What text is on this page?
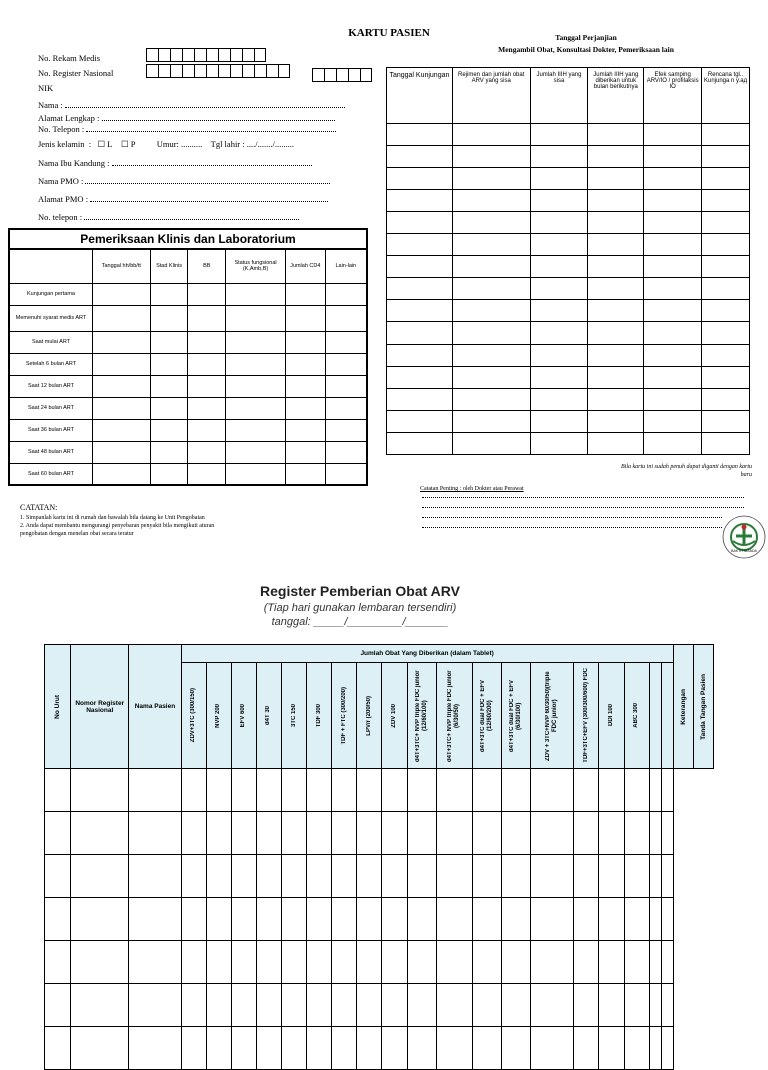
KARTU PASIEN	Tanggal Perjanjian
Mengambil Obat, Konsultasi Dokter, Pemeriksaan lain
No. Rekam Medis
No. Register Nasional
NIK
Nama :
Alamat Lengkap :
No. Telepon :
Jenis kelamin  :   ☐ L ☐ P	Umur: .......... Tgl lahir : ..../......./.........
Nama Ibu Kandung :
Nama PMO :
Alamat PMO :
No. telepon :
Tanggal Kunjungan	Rejimen dan jumlah obat ARV yang sisa	Jumlah IIIH yang sisa	Jumlah IIIH yang diberikan untuk bulan berikutnya	Efek samping ARV/IO / profilaksis IO	Rencana tgl.. Kunjunga n y.aд

Pemeriksaan Klinis dan Laboratorium						
	Tanggal hh/bb/tt	Stad Klinis	BB	Status fungsional (K,Amb,B)	Jumlah CD4	Lain-lain
Kunjungan pertama						
Memenuhi syarat medis ART						
Saat mulai ART						
Setelah 6 bulan ART						
Saat 12 bulan ART						
Saat 24 bulan ART						
Saat 36 bulan ART						
Saat 48 bulan ART						
Saat 60 bulan ART						
Bila kartu ini sudah penuh dapat diganti dengan kartu baru
Catatan Penting : oleh Dokter atau Perawat
BAKTI HUSADA
CATATAN:
1. Simpanlah kartu ini di rumah dan bawalah bila datang ke Unit Pengobatan
2. Anda dapat membantu mengurangi penyebaran penyakit bila mengikuti aturan
pengobatan dengan menelan obat secara teratur
Register Pemberian Obat ARV
(Tiap hari gunakan lembaran tersendiri)
tanggal: _____/_________/_______
No Urut	Nomor Register Nasional	Nama Pasien	Jumlah Obat Yang Diberikan (dalam Tablet)																			Keterangan	Tanda Tangan Pasien

			ZDV+3TC (300/150)	NVP 200	EFV 600	d4T 30	3TC 150	TDF 300	TDF + FTC (300/200)	LPV/r (200/50)	ZDV 100	d4T+3TC+ NVP triple FDC junior (12/60/100)	d4T+3TC+ NVP triple FDC junior (6/30/50)	d4T+3TC dual FDC + EFV (12/60/200)	d4T+3TC dual FDC + EFV (6/30/100)	ZDV + 3TC+NVP 60/30/50)(triple FDC junior)	TDF+3TC+EFV (300/300/600) FDC	DDI 100	ABC 300				
